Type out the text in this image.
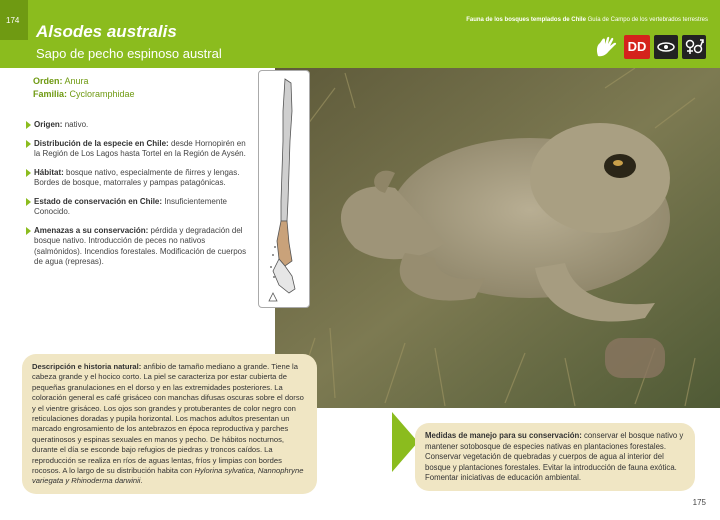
174
Alsodes australis
Sapo de pecho espinoso austral
Fauna de los bosques templados de Chile Guía de Campo de los vertebrados terrestres
DD
Orden: Anura
Familia: Cycloramphidae
Origen: nativo.
Distribución de la especie en Chile: desde Hornopirén en la Región de Los Lagos hasta Tortel en la Región de Aysén.
Hábitat: bosque nativo, especialmente de ñirres y lengas. Bordes de bosque, matorrales y pampas patagónicas.
Estado de conservación en Chile: Insuficientemente Conocido.
Amenazas a su conservación: pérdida y degradación del bosque nativo. Introducción de peces no nativos (salmónidos). Incendios forestales. Modificación de cuerpos de agua (represas).
Descripción e historia natural: anfibio de tamaño mediano a grande. Tiene la cabeza grande y el hocico corto. La piel se caracteriza por estar cubierta de pequeñas granulaciones en el dorso y en las extremidades posteriores. La coloración general es café grisáceo con manchas difusas oscuras sobre el dorso y el vientre grisáceo. Los ojos son grandes y protuberantes de color negro con reticulaciones doradas y pupila horizontal. Los machos adultos presentan un marcado engrosamiento de los antebrazos en época reproductiva y parches queratinosos y espinas sexuales en manos y pecho. De hábitos nocturnos, durante el día se esconde bajo refugios de piedras y troncos caídos. La reproducción se realiza en ríos de aguas lentas, fríos y limpias con bordes rocosos. A lo largo de su distribución habita con Hylorina sylvatica, Nannophryne variegata y Rhinoderma darwinii.
Medidas de manejo para su conservación: conservar el bosque nativo y mantener sotobosque de especies nativas en plantaciones forestales. Conservar vegetación de quebradas y cuerpos de agua al interior del bosque y plantaciones forestales. Evitar la introducción de fauna exótica. Fomentar iniciativas de educación ambiental.
175
